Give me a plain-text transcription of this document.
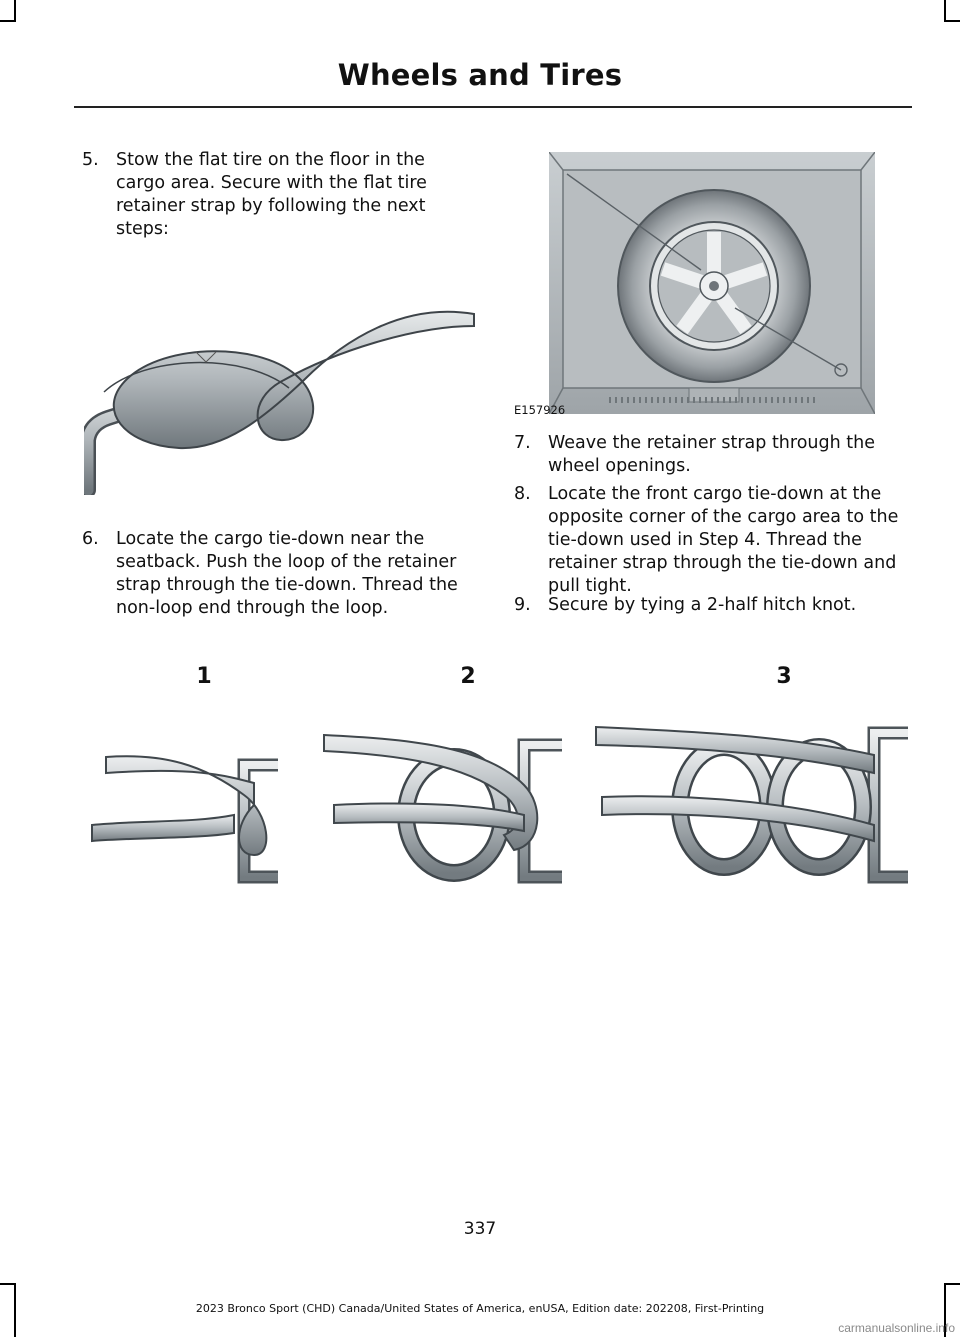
Wheels and Tires
5. Stow the flat tire on the floor in the cargo area. Secure with the flat tire retainer strap by following the next steps:
6. Locate the cargo tie-down near the seatback. Push the loop of the retainer strap through the tie-down. Thread the non-loop end through the loop.
E157926
7. Weave the retainer strap through the wheel openings.
8. Locate the front cargo tie-down at the opposite corner of the cargo area to the tie-down used in Step 4. Thread the retainer strap through the tie-down and pull tight.
9. Secure by tying a 2-half hitch knot.
1	2	3
337
2023 Bronco Sport (CHD) Canada/United States of America, enUSA, Edition date: 202208, First-Printing
carmanualsonline.info
